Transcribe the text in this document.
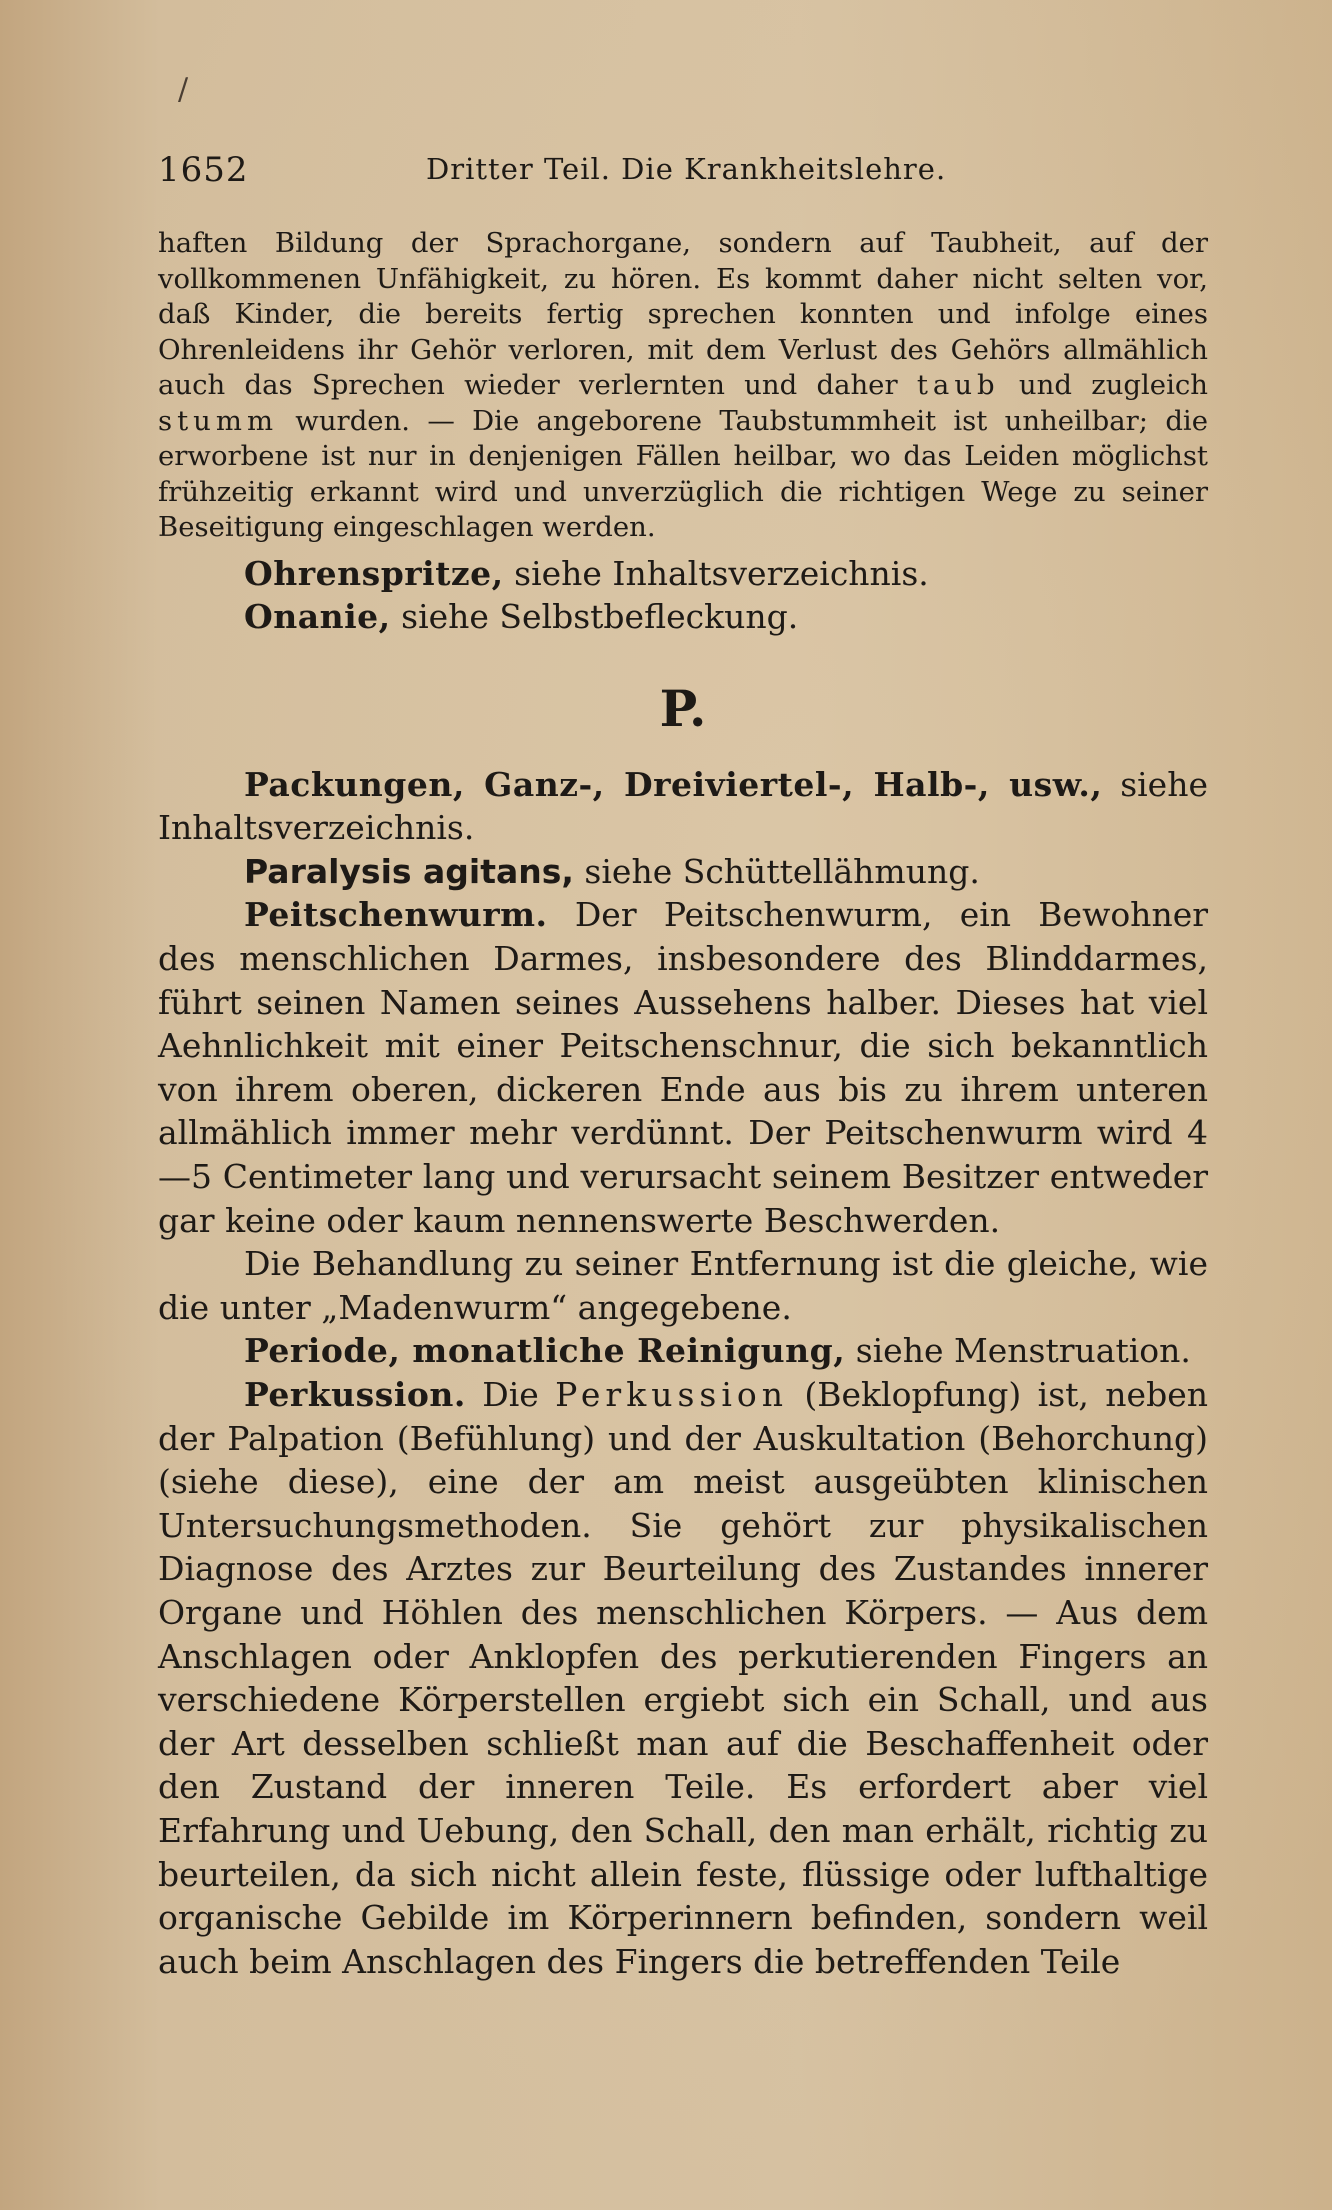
/
1652	Dritter Teil. Die Krankheitslehre.

haften Bildung der Sprachorgane, sondern auf Taubheit, auf der vollkommenen Unfähigkeit, zu hören. Es kommt daher nicht selten vor, daß Kinder, die bereits fertig sprechen konnten und infolge eines Ohrenleidens ihr Gehör verloren, mit dem Verlust des Gehörs allmählich auch das Sprechen wieder verlernten und daher taub und zugleich stumm wurden. — Die angeborene Taubstummheit ist unheilbar; die erworbene ist nur in denjenigen Fällen heilbar, wo das Leiden möglichst frühzeitig erkannt wird und unverzüglich die richtigen Wege zu seiner Beseitigung eingeschlagen werden.

Ohrenspritze, siehe Inhaltsverzeichnis.

Onanie, siehe Selbstbefleckung.

P.

Packungen, Ganz-, Dreiviertel-, Halb-, usw., siehe Inhaltsverzeichnis.

Paralysis agitans, siehe Schüttellähmung.

Peitschenwurm. Der Peitschenwurm, ein Bewohner des menschlichen Darmes, insbesondere des Blinddarmes, führt seinen Namen seines Aussehens halber. Dieses hat viel Aehnlichkeit mit einer Peitschenschnur, die sich bekanntlich von ihrem oberen, dickeren Ende aus bis zu ihrem unteren allmählich immer mehr verdünnt. Der Peitschenwurm wird 4—5 Centimeter lang und verursacht seinem Besitzer entweder gar keine oder kaum nennenswerte Beschwerden.

Die Behandlung zu seiner Entfernung ist die gleiche, wie die unter „Madenwurm“ angegebene.

Periode, monatliche Reinigung, siehe Menstruation.

Perkussion. Die Perkussion (Beklopfung) ist, neben der Palpation (Befühlung) und der Auskultation (Behorchung) (siehe diese), eine der am meist ausgeübten klinischen Untersuchungsmethoden. Sie gehört zur physikalischen Diagnose des Arztes zur Beurteilung des Zustandes innerer Organe und Höhlen des menschlichen Körpers. — Aus dem Anschlagen oder Anklopfen des perkutierenden Fingers an verschiedene Körperstellen ergiebt sich ein Schall, und aus der Art desselben schließt man auf die Beschaffenheit oder den Zustand der inneren Teile. Es erfordert aber viel Erfahrung und Uebung, den Schall, den man erhält, richtig zu beurteilen, da sich nicht allein feste, flüssige oder lufthaltige organische Gebilde im Körperinnern befinden, sondern weil auch beim Anschlagen des Fingers die betreffenden Teile
